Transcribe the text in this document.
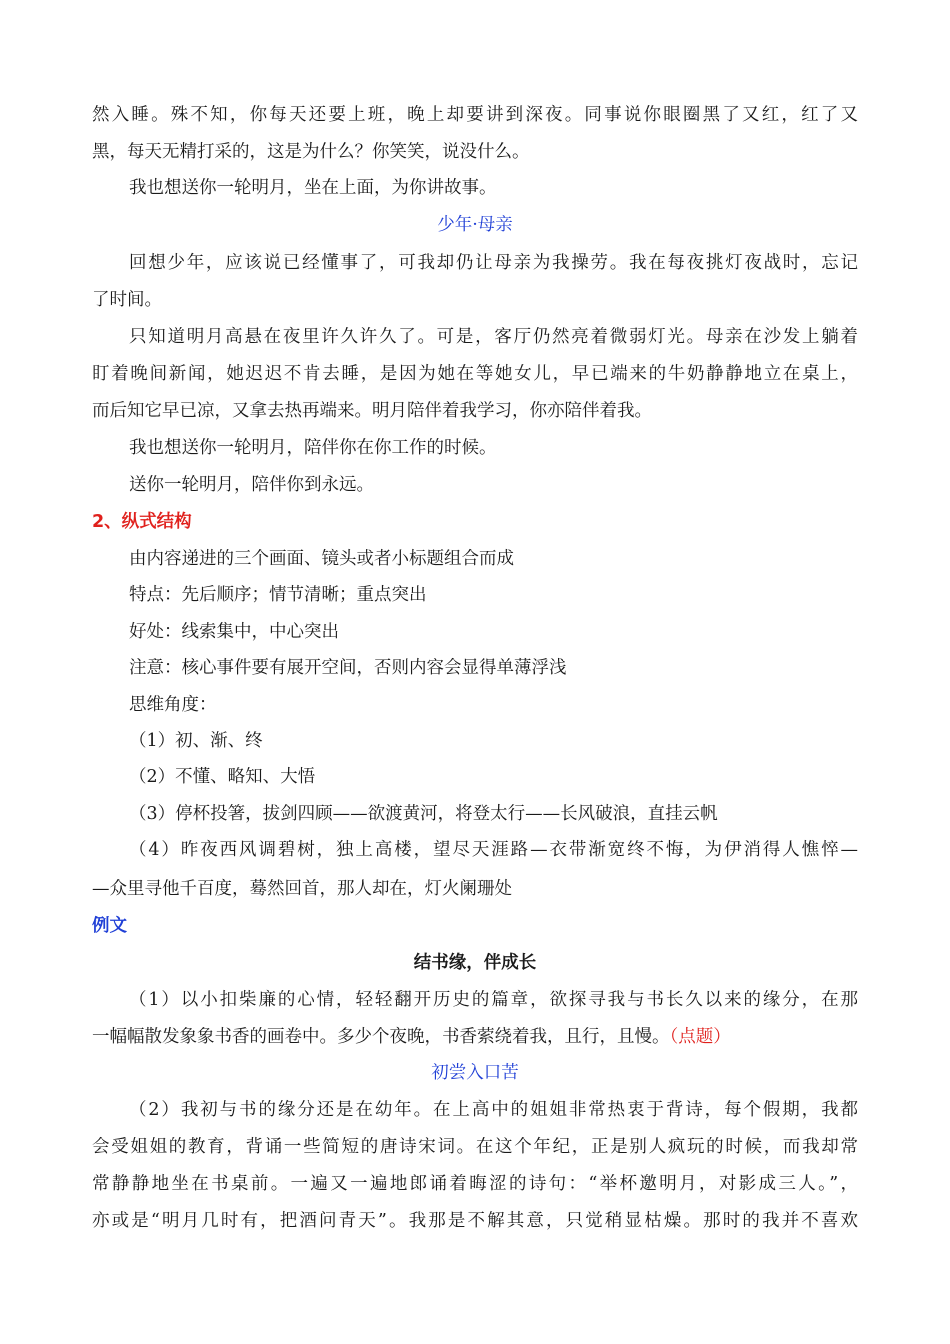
然入睡。殊不知，你每天还要上班，晚上却要讲到深夜。同事说你眼圈黑了又红，红了又
黑，每天无精打采的，这是为什么？你笑笑，说没什么。
我也想送你一轮明月，坐在上面，为你讲故事。
少年·母亲
回想少年，应该说已经懂事了，可我却仍让母亲为我操劳。我在每夜挑灯夜战时，忘记
了时间。
只知道明月高悬在夜里许久许久了。可是，客厅仍然亮着微弱灯光。母亲在沙发上躺着
盯着晚间新闻，她迟迟不肯去睡，是因为她在等她女儿，早已端来的牛奶静静地立在桌上，
而后知它早已凉，又拿去热再端来。明月陪伴着我学习，你亦陪伴着我。
我也想送你一轮明月，陪伴你在你工作的时候。
送你一轮明月，陪伴你到永远。
2、纵式结构
由内容递进的三个画面、镜头或者小标题组合而成
特点：先后顺序；情节清晰；重点突出
好处：线索集中，中心突出
注意：核心事件要有展开空间，否则内容会显得单薄浮浅
思维角度：
（1）初、渐、终
（2）不懂、略知、大悟
（3）停杯投箸，拔剑四顾——欲渡黄河，将登太行——长风破浪，直挂云帆
（4）昨夜西风调碧树，独上高楼，望尽天涯路—衣带渐宽终不悔，为伊消得人憔悴—
—众里寻他千百度，蓦然回首，那人却在，灯火阑珊处
例文
结书缘，伴成长
（1）以小扣柴廉的心情，轻轻翻开历史的篇章，欲探寻我与书长久以来的缘分，在那
一幅幅散发象象书香的画卷中。多少个夜晚，书香萦绕着我，且行，且慢。（点题）
初尝入口苦
（2）我初与书的缘分还是在幼年。在上高中的姐姐非常热衷于背诗，每个假期，我都
会受姐姐的教育，背诵一些简短的唐诗宋词。在这个年纪，正是别人疯玩的时候，而我却常
常静静地坐在书桌前。一遍又一遍地郎诵着晦涩的诗句：“举杯邀明月，对影成三人。”，
亦或是“明月几时有，把酒问青天”。我那是不解其意，只觉稍显枯燥。那时的我并不喜欢
